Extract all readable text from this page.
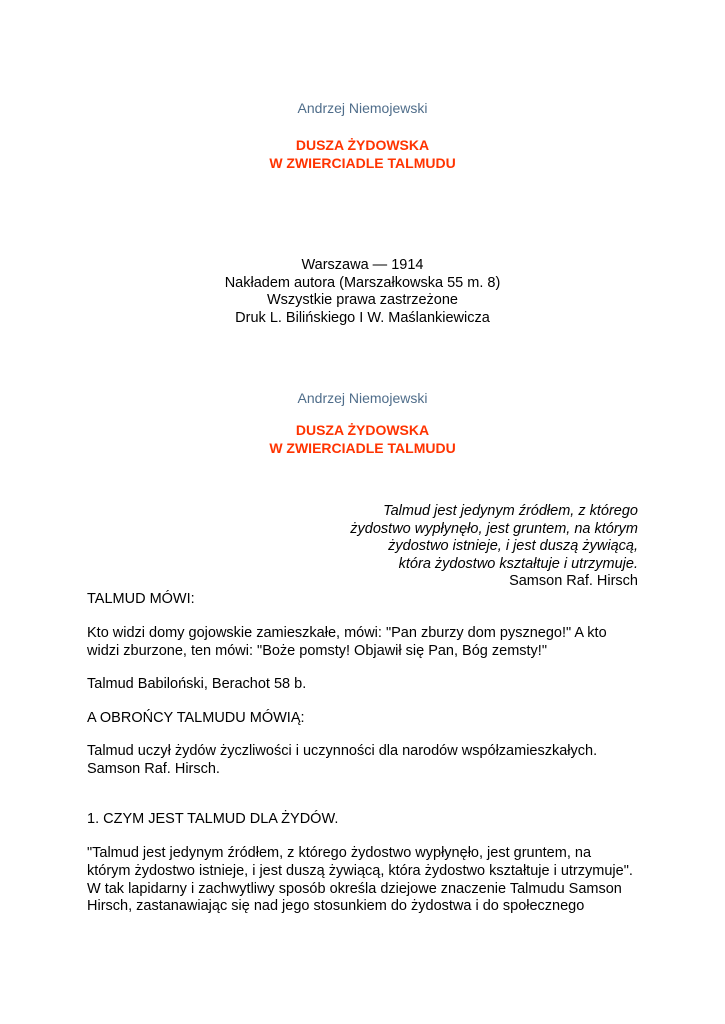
Andrzej Niemojewski
DUSZA ŻYDOWSKA
W ZWIERCIADLE TALMUDU
Warszawa — 1914
Nakładem autora (Marszałkowska 55 m. 8)
Wszystkie prawa zastrzeżone
Druk L. Bilińskiego I W. Maślankiewicza
Andrzej Niemojewski
DUSZA ŻYDOWSKA
W ZWIERCIADLE TALMUDU
Talmud jest jedynym źródłem, z którego
żydostwo wypłynęło, jest gruntem, na którym
żydostwo istnieje, i jest duszą żywiącą,
która żydostwo kształtuje i utrzymuje.
Samson Raf. Hirsch
TALMUD MÓWI:
Kto widzi domy gojowskie zamieszkałe, mówi: "Pan zburzy dom pysznego!" A kto
widzi zburzone, ten mówi: "Boże pomsty! Objawił się Pan, Bóg zemsty!"
Talmud Babiloński, Berachot 58 b.
A OBROŃCY TALMUDU MÓWIĄ:
Talmud uczył żydów życzliwości i uczynności dla narodów współzamieszkałych.
Samson Raf. Hirsch.
1. CZYM JEST TALMUD DLA ŻYDÓW.
"Talmud jest jedynym źródłem, z którego żydostwo wypłynęło, jest gruntem, na
którym żydostwo istnieje, i jest duszą żywiącą, która żydostwo kształtuje i utrzymuje".
W tak lapidarny i zachwytliwy sposób określa dziejowe znaczenie Talmudu Samson
Hirsch, zastanawiając się nad jego stosunkiem do żydostwa i do społecznego
